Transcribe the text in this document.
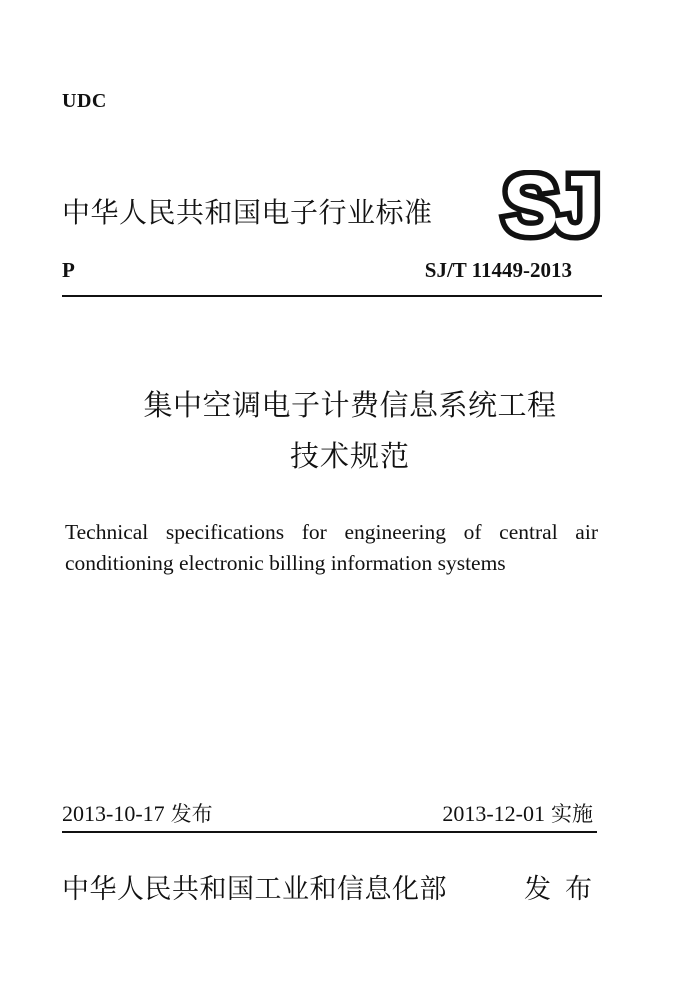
UDC
中华人民共和国电子行业标准 SJ
P	SJ/T 11449-2013
集中空调电子计费信息系统工程
技术规范
Technical specifications for engineering of central air
conditioning electronic billing information systems
2013-10-17 发布	2013-12-01 实施
中华人民共和国工业和信息化部	发 布
